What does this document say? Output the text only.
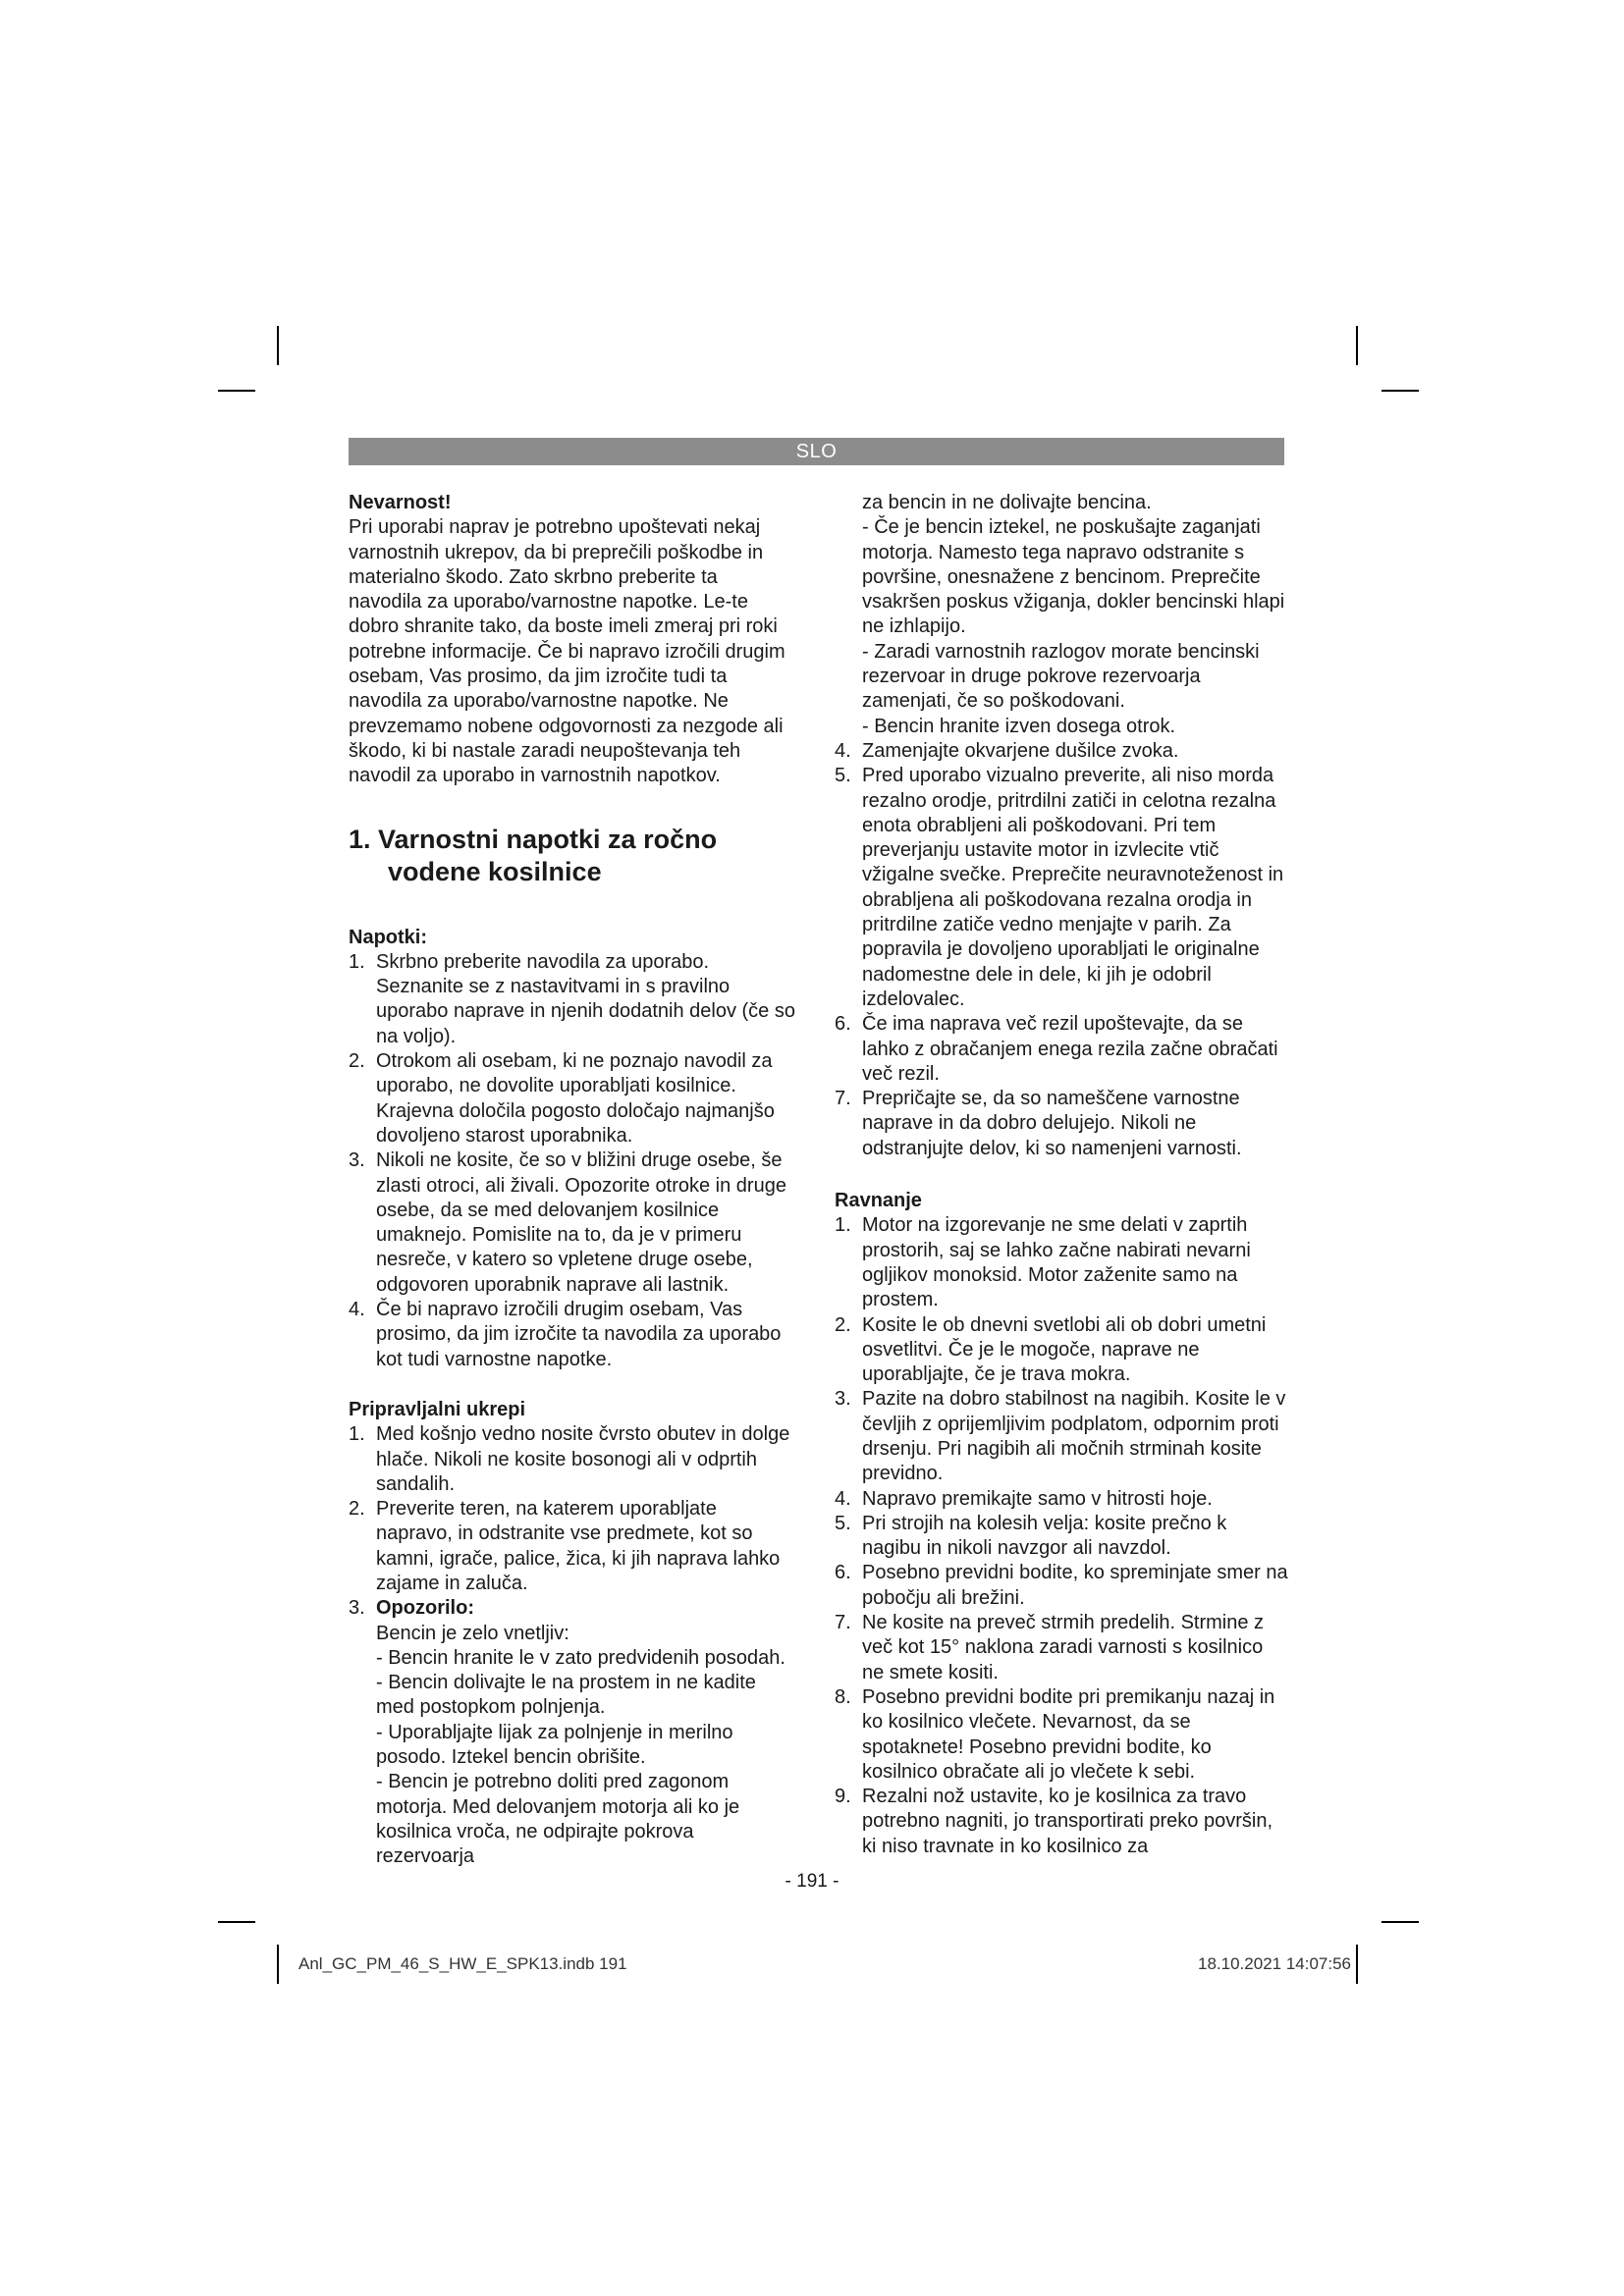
SLO

Nevarnost!

Pri uporabi naprav je potrebno upoštevati nekaj varnostnih ukrepov, da bi preprečili poškodbe in materialno škodo. Zato skrbno preberite ta navodila za uporabo/varnostne napotke. Le-te dobro shranite tako, da boste imeli zmeraj pri roki potrebne informacije. Če bi napravo izročili drugim osebam, Vas prosimo, da jim izročite tudi ta navodila za uporabo/varnostne napotke. Ne prevzemamo nobene odgovornosti za nezgode ali škodo, ki bi nastale zaradi neupoštevanja teh navodil za uporabo in varnostnih napotkov.

1. Varnostni napotki za ročno vodene kosilnice

Napotki:

1. Skrbno preberite navodila za uporabo. Seznanite se z nastavitvami in s pravilno uporabo naprave in njenih dodatnih delov (če so na voljo).
2. Otrokom ali osebam, ki ne poznajo navodil za uporabo, ne dovolite uporabljati kosilnice. Krajevna določila pogosto določajo najmanjšo dovoljeno starost uporabnika.
3. Nikoli ne kosite, če so v bližini druge osebe, še zlasti otroci, ali živali. Opozorite otroke in druge osebe, da se med delovanjem kosilnice umaknejo. Pomislite na to, da je v primeru nesreče, v katero so vpletene druge osebe, odgovoren uporabnik naprave ali lastnik.
4. Če bi napravo izročili drugim osebam, Vas prosimo, da jim izročite ta navodila za uporabo kot tudi varnostne napotke.

Pripravljalni ukrepi

1. Med košnjo vedno nosite čvrsto obutev in dolge hlače. Nikoli ne kosite bosonogi ali v odprtih sandalih.
2. Preverite teren, na katerem uporabljate napravo, in odstranite vse predmete, kot so kamni, igrače, palice, žica, ki jih naprava lahko zajame in zaluča.
3. Opozorilo:

Bencin je zelo vnetljiv:

- Bencin hranite le v zato predvidenih posodah.

- Bencin dolivajte le na prostem in ne kadite med postopkom polnjenja.

- Uporabljajte lijak za polnjenje in merilno posodo. Iztekel bencin obrišite.

- Bencin je potrebno doliti pred zagonom motorja. Med delovanjem motorja ali ko je kosilnica vroča, ne odpirajte pokrova rezervoarja

za bencin in ne dolivajte bencina.

- Če je bencin iztekel, ne poskušajte zaganjati motorja. Namesto tega napravo odstranite s površine, onesnažene z bencinom. Preprečite vsakršen poskus vžiganja, dokler bencinski hlapi ne izhlapijo.

- Zaradi varnostnih razlogov morate bencinski rezervoar in druge pokrove rezervoarja zamenjati, če so poškodovani.

- Bencin hranite izven dosega otrok.

4. Zamenjajte okvarjene dušilce zvoka.
5. Pred uporabo vizualno preverite, ali niso morda rezalno orodje, pritrdilni zatiči in celotna rezalna enota obrabljeni ali poškodovani. Pri tem preverjanju ustavite motor in izvlecite vtič vžigalne svečke. Preprečite neuravnoteženost in obrabljena ali poškodovana rezalna orodja in pritrdilne zatiče vedno menjajte v parih. Za popravila je dovoljeno uporabljati le originalne nadomestne dele in dele, ki jih je odobril izdelovalec.
6. Če ima naprava več rezil upoštevajte, da se lahko z obračanjem enega rezila začne obračati več rezil.
7. Prepričajte se, da so nameščene varnostne naprave in da dobro delujejo. Nikoli ne odstranjujte delov, ki so namenjeni varnosti.

Ravnanje

1. Motor na izgorevanje ne sme delati v zaprtih prostorih, saj se lahko začne nabirati nevarni ogljikov monoksid. Motor zaženite samo na prostem.
2. Kosite le ob dnevni svetlobi ali ob dobri umetni osvetlitvi. Če je le mogoče, naprave ne uporabljajte, če je trava mokra.
3. Pazite na dobro stabilnost na nagibih. Kosite le v čevljih z oprijemljivim podplatom, odpornim proti drsenju. Pri nagibih ali močnih strminah kosite previdno.
4. Napravo premikajte samo v hitrosti hoje.
5. Pri strojih na kolesih velja: kosite prečno k nagibu in nikoli navzgor ali navzdol.
6. Posebno previdni bodite, ko spreminjate smer na pobočju ali brežini.
7. Ne kosite na preveč strmih predelih. Strmine z več kot 15° naklona zaradi varnosti s kosilnico ne smete kositi.
8. Posebno previdni bodite pri premikanju nazaj in ko kosilnico vlečete. Nevarnost, da se spotaknete! Posebno previdni bodite, ko kosilnico obračate ali jo vlečete k sebi.
9. Rezalni nož ustavite, ko je kosilnica za travo potrebno nagniti, jo transportirati preko površin, ki niso travnate in ko kosilnico za
- 191 -
Anl_GC_PM_46_S_HW_E_SPK13.indb 191	18.10.2021 14:07:56
